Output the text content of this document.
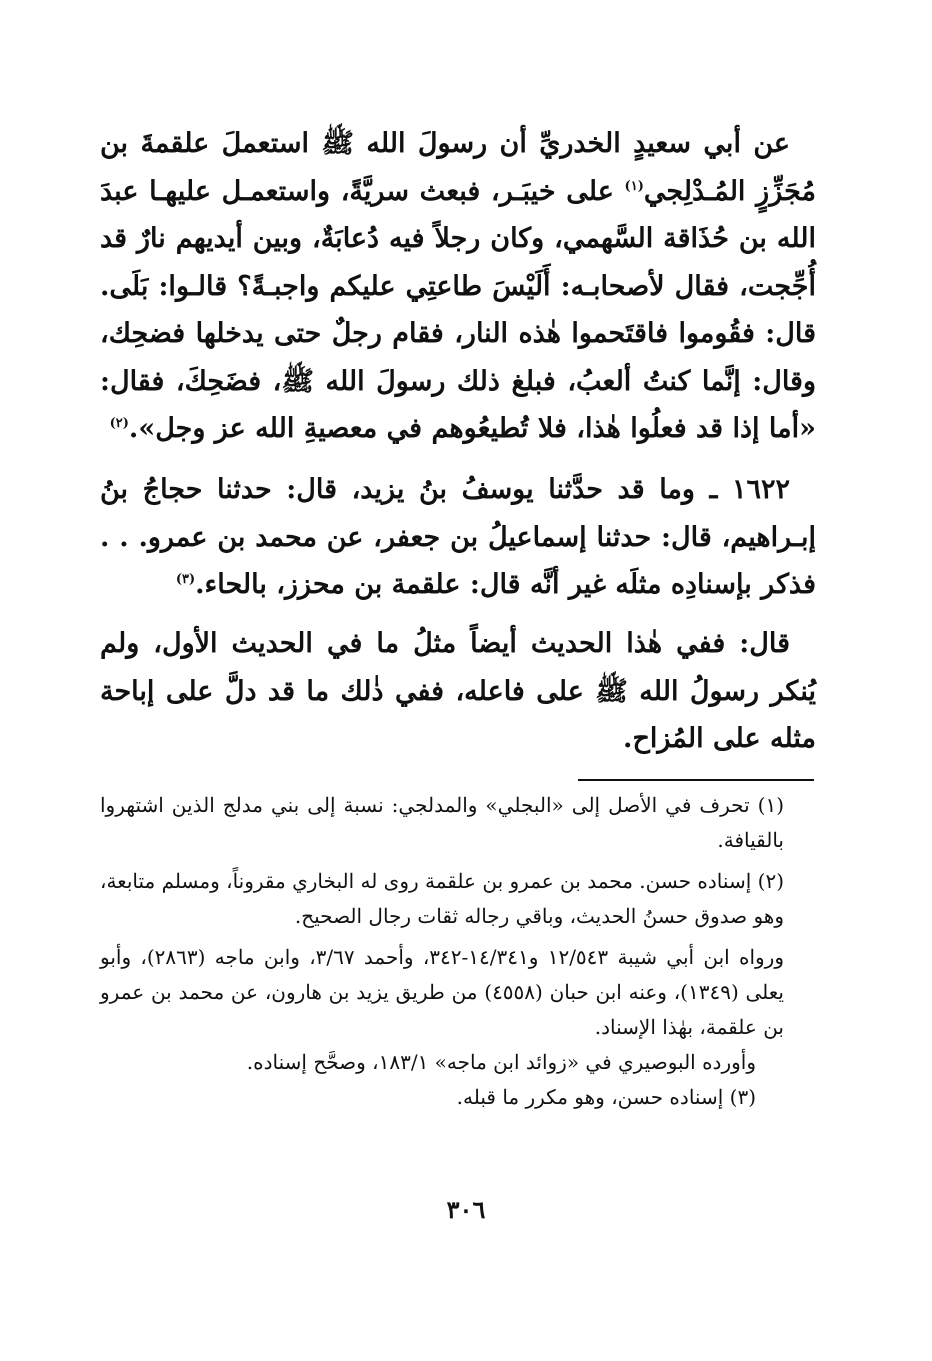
عن أبي سعيدٍ الخدريِّ أن رسولَ الله ﷺ استعملَ علقمةَ بن مُجَزِّزٍ المُـدْلِجي$^{(١)}$ على خيبَـر، فبعث سريَّةً، واستعمـل عليهـا عبدَ الله بن حُذَاقة السَّهمي، وكان رجلاً فيه دُعابَةٌ، وبين أيديهم نارٌ قد أُجِّجت، فقال لأصحابـه: أَلَيْسَ طاعتِي عليكم واجبـةً؟ قالـوا: بَلَى. قال: فقُوموا فاقتَحموا هٰذه النار، فقام رجلٌ حتى يدخلها فضحِك، وقال: إنَّما كنتُ ألعبُ، فبلغ ذلك رسولَ الله ﷺ، فضَحِكَ، فقال: «أما إذا قد فعلُوا هٰذا، فلا تُطيعُوهم في معصيةِ الله عز وجل».$^{(٢)}$

١٦٢٢ ـ وما قد حدَّثنا يوسفُ بنُ يزيد، قال: حدثنا حجاجُ بنُ إبـراهيم، قال: حدثنا إسماعيلُ بن جعفر، عن محمد بن عمرو. . . فذكر بإسنادِه مثلَه غير أنَّه قال: علقمة بن محزز، بالحاء.$^{(٣)}$

قال: ففي هٰذا الحديث أيضاً مثلُ ما في الحديث الأول، ولم يُنكر رسولُ الله ﷺ على فاعله، ففي ذٰلك ما قد دلَّ على إباحة مثله على المُزاح.

(١) تحرف في الأصل إلى «البجلي» والمدلجي: نسبة إلى بني مدلج الذين اشتهروا بالقيافة.

(٢) إسناده حسن. محمد بن عمرو بن علقمة روى له البخاري مقروناً، ومسلم متابعة، وهو صدوق حسنُ الحديث، وباقي رجاله ثقات رجال الصحيح.

ورواه ابن أبي شيبة ١٢/٥٤٣ و١٤/٣٤١-٣٤٢، وأحمد ٣/٦٧، وابن ماجه (٢٨٦٣)، وأبو يعلى (١٣٤٩)، وعنه ابن حبان (٤٥٥٨) من طريق يزيد بن هارون، عن محمد بن عمرو بن علقمة، بهٰذا الإسناد.

وأورده البوصيري في «زوائد ابن ماجه» ١٨٣/١، وصحَّح إسناده.

(٣) إسناده حسن، وهو مكرر ما قبله.

٣٠٦
